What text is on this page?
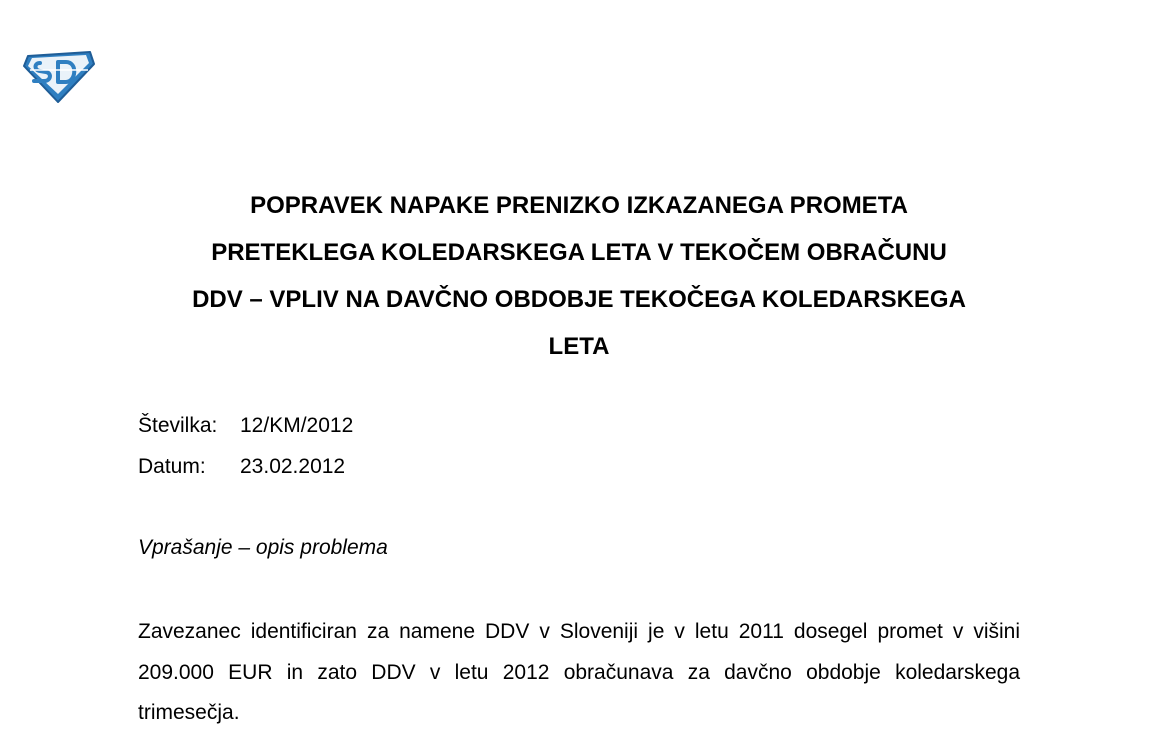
POPRAVEK NAPAKE PRENIZKO IZKAZANEGA PROMETA
PRETEKLEGA KOLEDARSKEGA LETA V TEKOČEM OBRAČUNU
DDV – VPLIV NA DAVČNO OBDOBJE TEKOČEGA KOLEDARSKEGA
LETA
Številka: 12/KM/2012
Datum: 23.02.2012
Vprašanje – opis problema
Zavezanec identificiran za namene DDV v Sloveniji je v letu 2011 dosegel promet v višini 209.000 EUR in zato DDV v letu 2012 obračunava za davčno obdobje koledarskega trimesečja.
